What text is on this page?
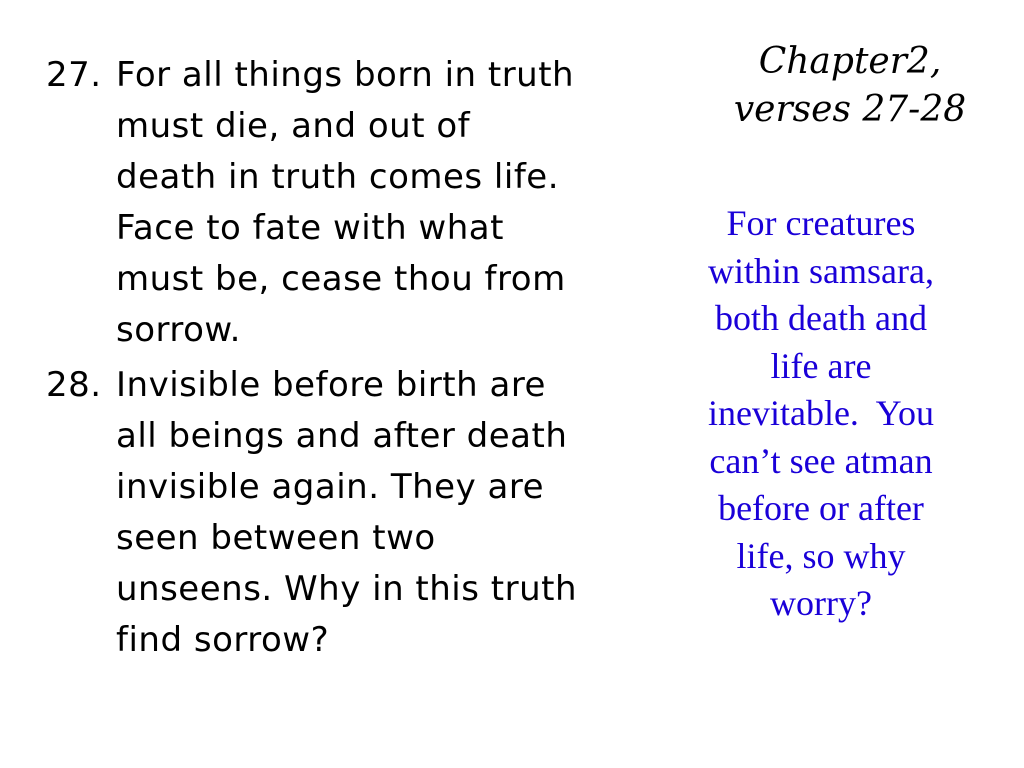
27. For all things born in truth
must die, and out of
death in truth comes life.
Face to fate with what
must be, cease thou from
sorrow.
28. Invisible before birth are
all beings and after death
invisible again. They are
seen between two
unseens. Why in this truth
find sorrow?
Chapter2,
verses 27-28
For creatures
within samsara,
both death and
life are
inevitable.  You
can’t see atman
before or after
life, so why
worry?
